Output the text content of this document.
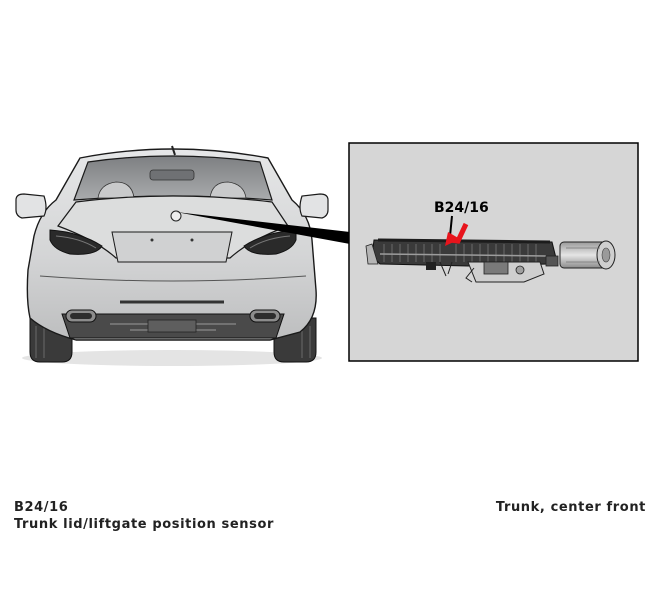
B24/16
B24/16
Trunk lid/liftgate position sensor
Trunk, center front
